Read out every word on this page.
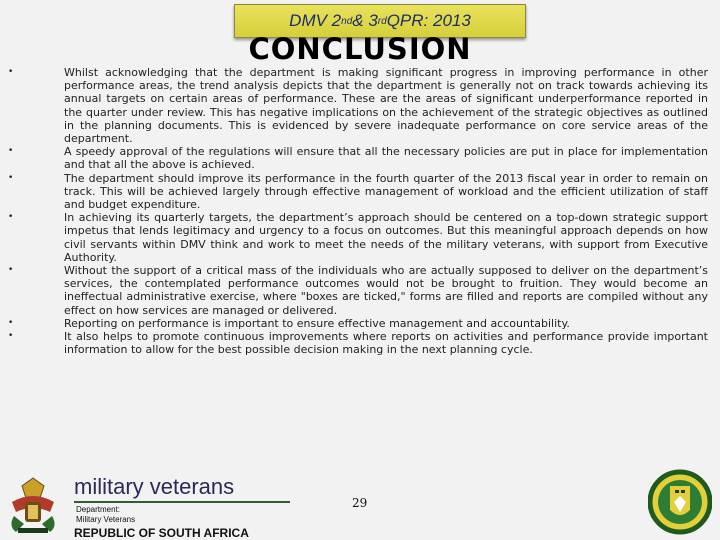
DMV 2 nd & 3 rd QPR: 2013
CONCLUSION
• Whilst acknowledging that the department is making significant progress in improving performance in other performance areas, the trend analysis depicts that the department is generally not on track towards achieving its annual targets on certain areas of performance. These are the areas of significant underperformance reported in the quarter under review. This has negative implications on the achievement of the strategic objectives as outlined in the planning documents. This is evidenced by severe inadequate performance on core service areas of the department.
• A speedy approval of the regulations will ensure that all the necessary policies are put in place for implementation and that all the above is achieved.
• The department should improve its performance in the fourth quarter of the 2013 fiscal year in order to remain on track. This will be achieved largely through effective management of workload and the efficient utilization of staff and budget expenditure.
• In achieving its quarterly targets, the department’s approach should be centered on a top-down strategic support impetus that lends legitimacy and urgency to a focus on outcomes. But this meaningful approach depends on how civil servants within DMV think and work to meet the needs of the military veterans, with support from Executive Authority.
• Without the support of a critical mass of the individuals who are actually supposed to deliver on the department’s services, the contemplated performance outcomes would not be brought to fruition. They would become an ineffectual administrative exercise, where "boxes are ticked," forms are filled and reports are compiled without any effect on how services are managed or delivered.
• Reporting on performance is important to ensure effective management and accountability.
• It also helps to promote continuous improvements where reports on activities and performance provide important information to allow for the best possible decision making in the next planning cycle.
military veterans
Department:
Military Veterans
REPUBLIC OF SOUTH AFRICA
29
